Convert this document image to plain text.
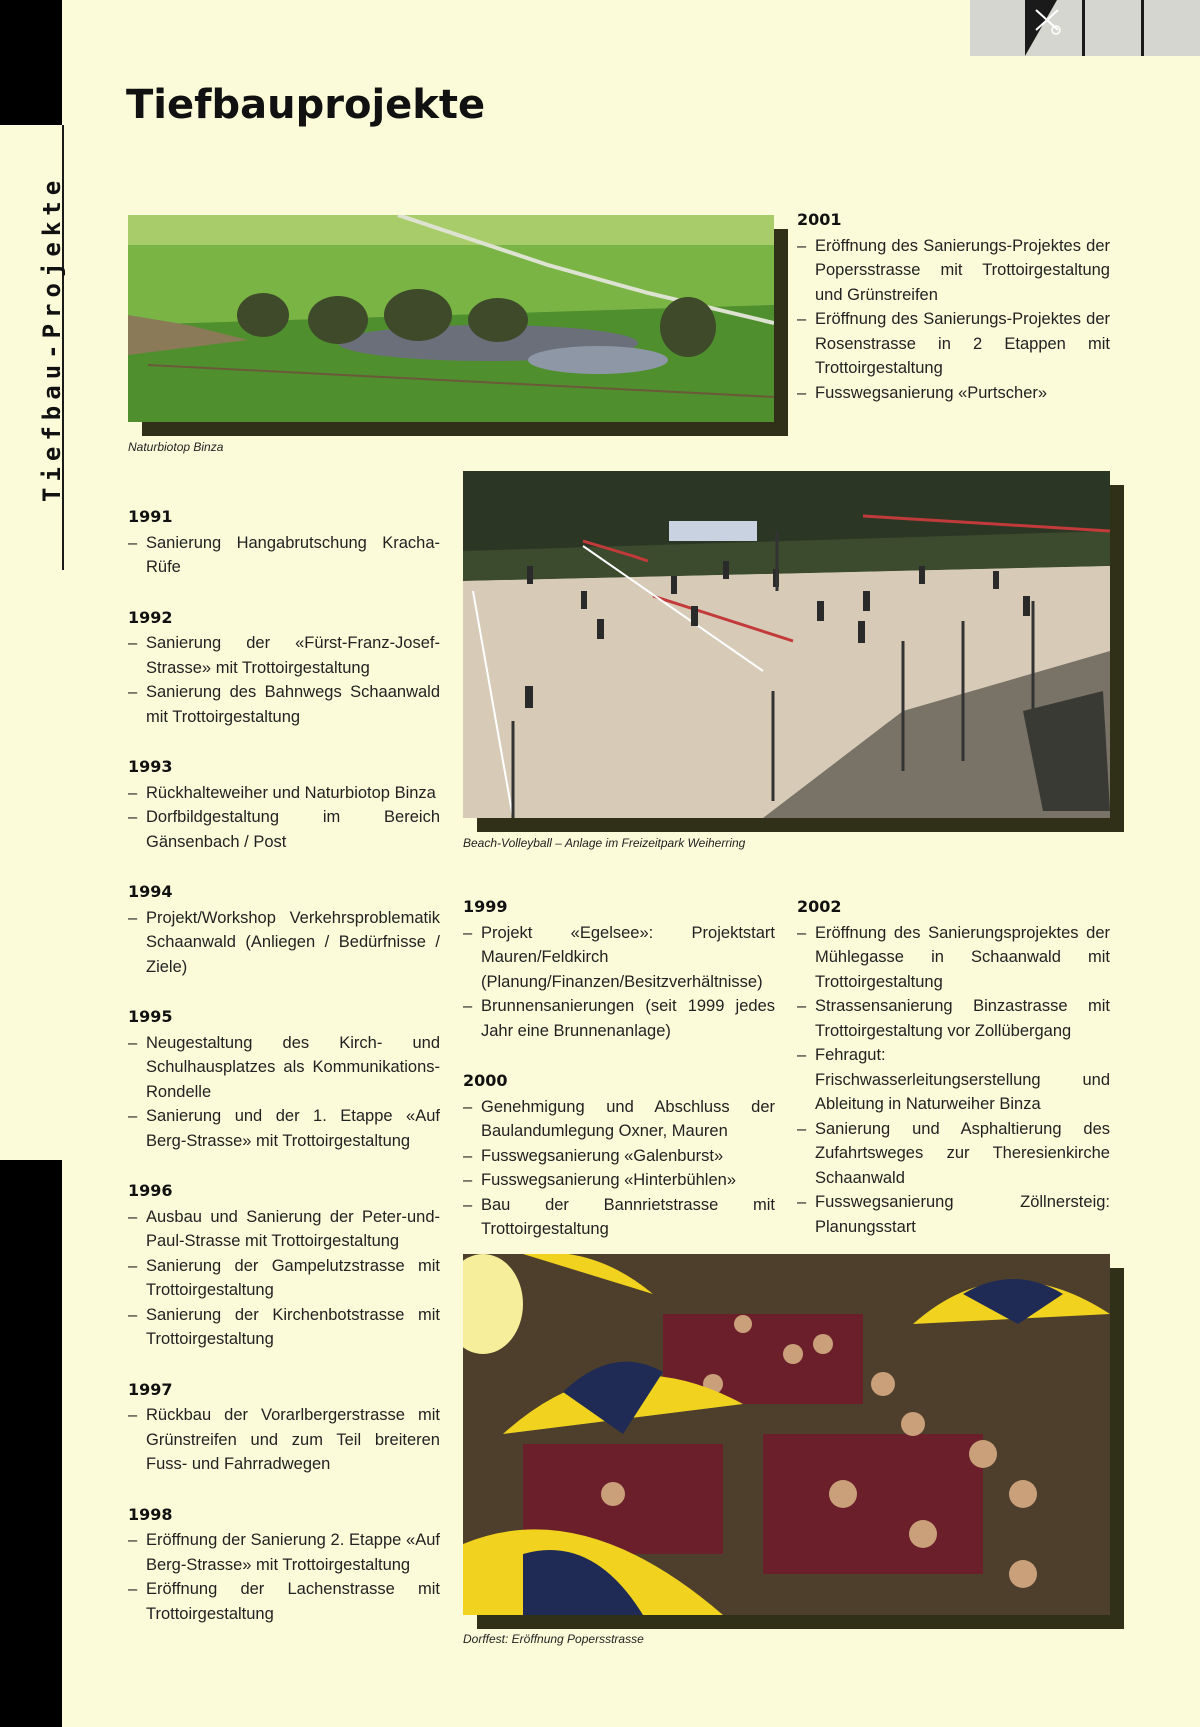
Tiefbau-Projekte
Tiefbauprojekte
Naturbiotop Binza
2001
– Eröffnung des Sanierungs-Projektes der Popersstrasse mit Trottoirgestaltung und Grünstreifen
– Eröffnung des Sanierungs-Projektes der Rosenstrasse in 2 Etappen mit Trottoirgestaltung
– Fusswegsanierung «Purtscher»
Beach-Volleyball – Anlage im Freizeitpark Weiherring
1991
– Sanierung Hangabrutschung Kracha-Rüfe
1992
– Sanierung der «Fürst-Franz-Josef-Strasse» mit Trottoirgestaltung
– Sanierung des Bahnwegs Schaanwald mit Trottoirgestaltung
1993
– Rückhalteweiher und Naturbiotop Binza
– Dorfbildgestaltung im Bereich Gänsenbach / Post
1994
– Projekt/Workshop Verkehrsproblematik Schaanwald (Anliegen / Bedürfnisse / Ziele)
1995
– Neugestaltung des Kirch- und Schulhausplatzes als Kommunikations-Rondelle
– Sanierung und der 1. Etappe «Auf Berg-Strasse» mit Trottoirgestaltung
1996
– Ausbau und Sanierung der Peter-und-Paul-Strasse mit Trottoirgestaltung
– Sanierung der Gampelutzstrasse mit Trottoirgestaltung
– Sanierung der Kirchenbotstrasse mit Trottoirgestaltung
1997
– Rückbau der Vorarlbergerstrasse mit Grünstreifen und zum Teil breiteren Fuss- und Fahrradwegen
1998
– Eröffnung der Sanierung 2. Etappe «Auf Berg-Strasse» mit Trottoirgestaltung
– Eröffnung der Lachenstrasse mit Trottoirgestaltung
1999
– Projekt «Egelsee»: Projektstart Mauren/Feldkirch (Planung/Finanzen/Besitzverhältnisse)
– Brunnensanierungen (seit 1999 jedes Jahr eine Brunnenanlage)
2000
– Genehmigung und Abschluss der Baulandumlegung Oxner, Mauren
– Fusswegsanierung «Galenburst»
– Fusswegsanierung «Hinterbühlen»
– Bau der Bannrietstrasse mit Trottoirgestaltung
2002
– Eröffnung des Sanierungsprojektes der Mühlegasse in Schaanwald mit Trottoirgestaltung
– Strassensanierung Binzastrasse mit Trottoirgestaltung vor Zollübergang
– Fehragut: Frischwasserleitungserstellung und Ableitung in Naturweiher Binza
– Sanierung und Asphaltierung des Zufahrtsweges zur Theresienkirche Schaanwald
– Fusswegsanierung Zöllnersteig: Planungsstart
Dorffest: Eröffnung Popersstrasse
